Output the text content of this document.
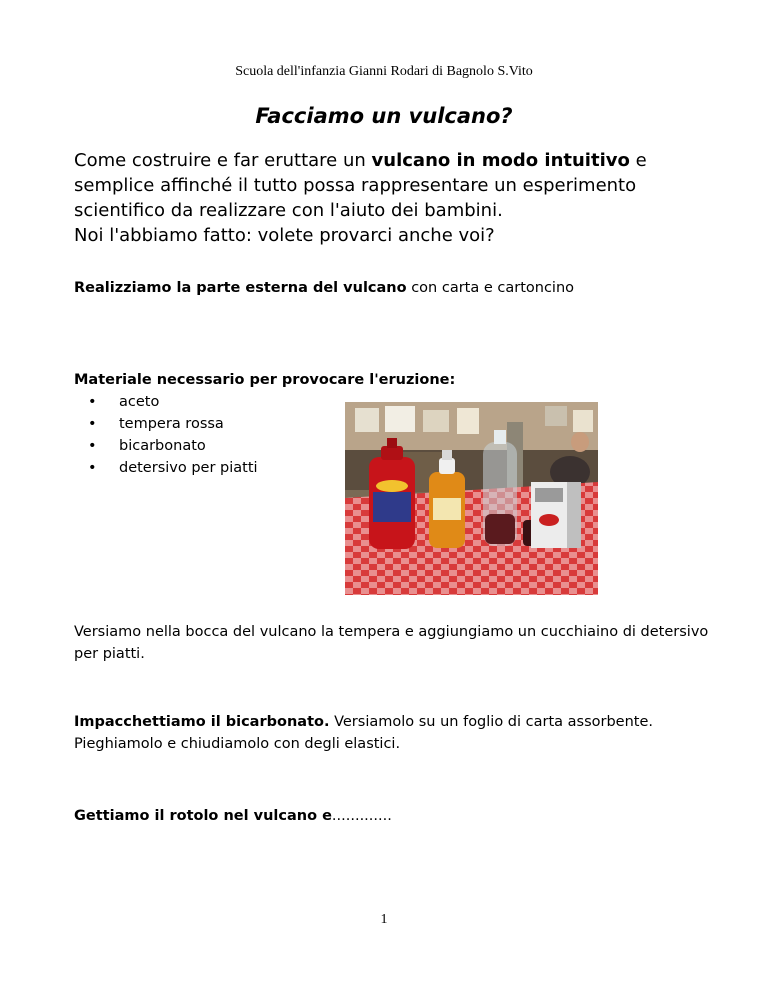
Scuola dell'infanzia Gianni Rodari di Bagnolo S.Vito
Facciamo un vulcano?

Come costruire e far eruttare un vulcano in modo intuitivo e semplice affinché il tutto possa rappresentare un esperimento scientifico da realizzare con l'aiuto dei bambini.

Noi l'abbiamo fatto: volete provarci anche voi?

Realizziamo la parte esterna del vulcano con carta e cartoncino
Materiale necessario per provocare l'eruzione:
• aceto
• tempera rossa
• bicarbonato
• detersivo per piatti
Versiamo nella bocca del vulcano la tempera e aggiungiamo un cucchiaino di detersivo per piatti.
Impacchettiamo il bicarbonato. Versiamolo su un foglio di carta assorbente. Pieghiamolo e chiudiamolo con degli elastici.
Gettiamo il rotolo nel vulcano e.............
1
